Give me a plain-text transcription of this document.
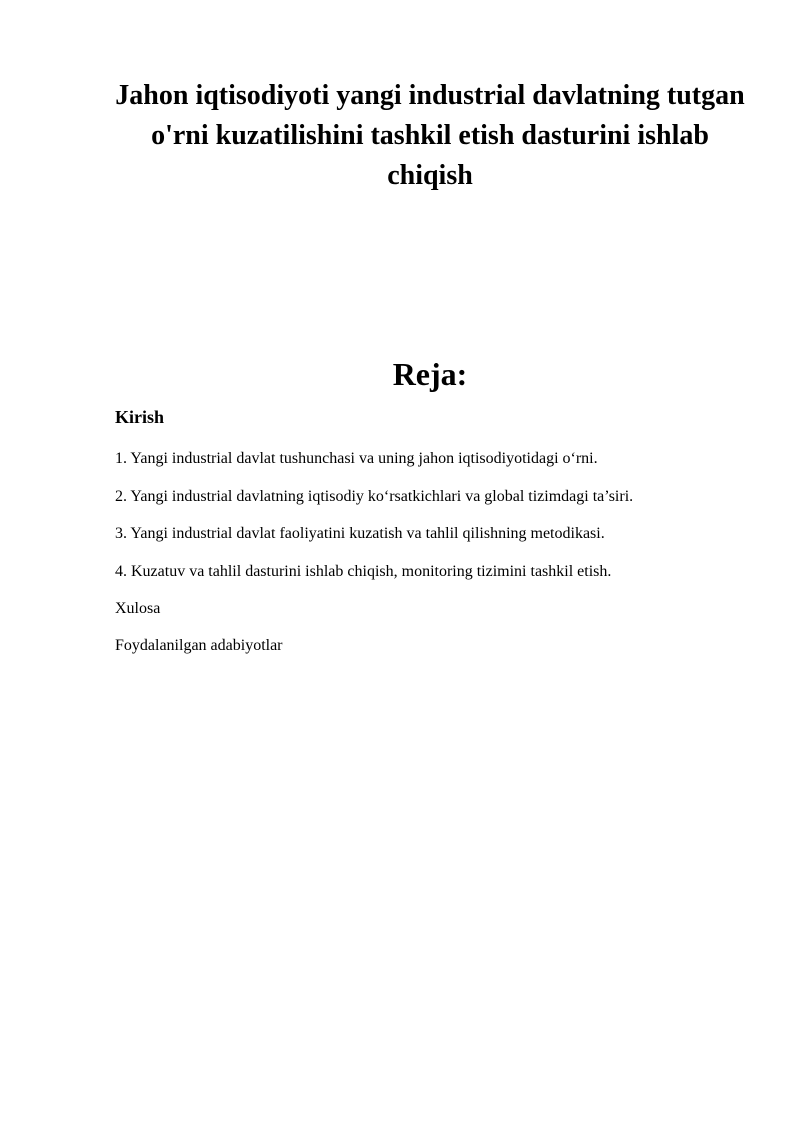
Jahon iqtisodiyoti yangi industrial davlatning tutgan o'rni kuzatilishini tashkil etish dasturini ishlab chiqish
Reja:
Kirish
1. Yangi industrial davlat tushunchasi va uning jahon iqtisodiyotidagi o‘rni.
2. Yangi industrial davlatning iqtisodiy ko‘rsatkichlari va global tizimdagi ta’siri.
3. Yangi industrial davlat faoliyatini kuzatish va tahlil qilishning metodikasi.
4. Kuzatuv va tahlil dasturini ishlab chiqish, monitoring tizimini tashkil etish.
Xulosa
Foydalanilgan adabiyotlar
